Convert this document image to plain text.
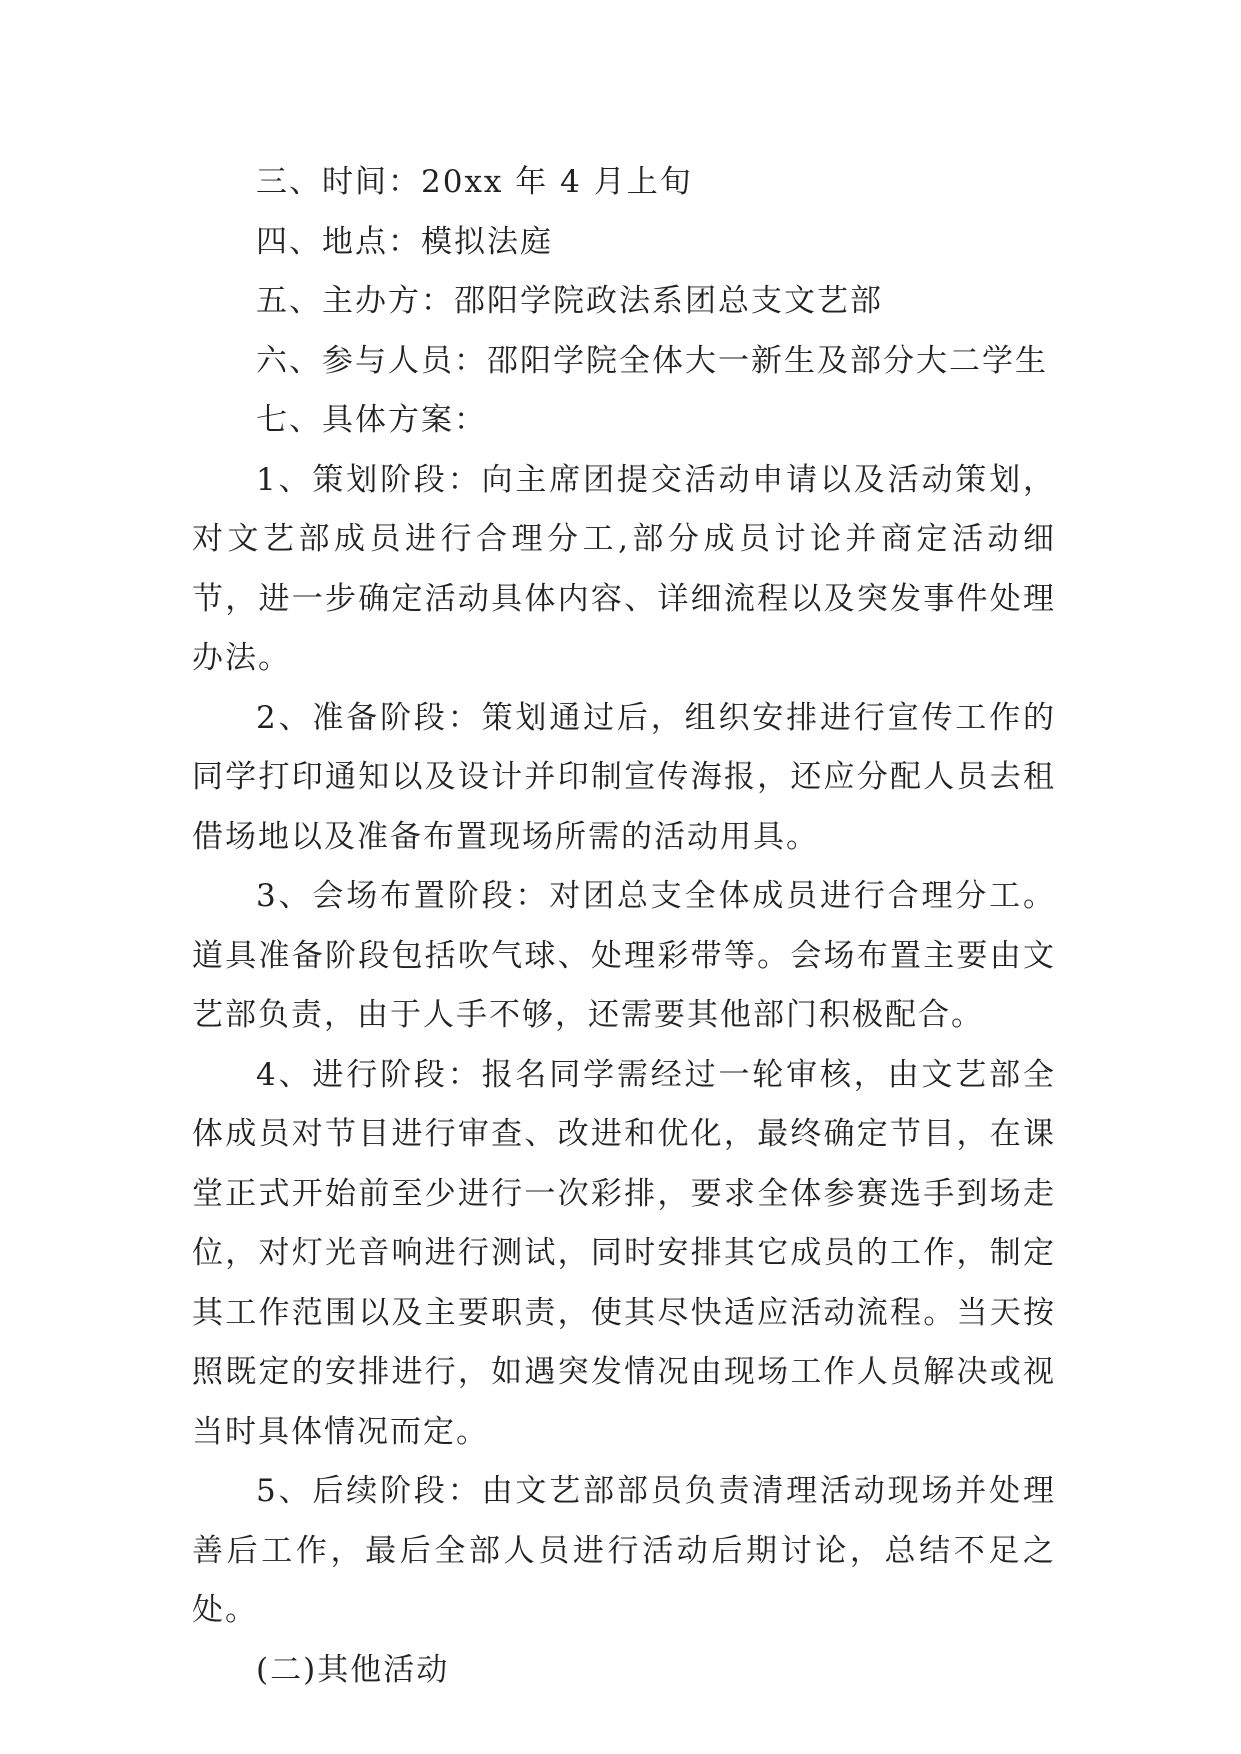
三、时间：20xx 年 4 月上旬

四、地点：模拟法庭

五、主办方：邵阳学院政法系团总支文艺部

六、参与人员：邵阳学院全体大一新生及部分大二学生

七、具体方案：

1、策划阶段：向主席团提交活动申请以及活动策划，对文艺部成员进行合理分工,部分成员讨论并商定活动细节，进一步确定活动具体内容、详细流程以及突发事件处理办法。

2、准备阶段：策划通过后，组织安排进行宣传工作的同学打印通知以及设计并印制宣传海报，还应分配人员去租借场地以及准备布置现场所需的活动用具。

3、会场布置阶段：对团总支全体成员进行合理分工。道具准备阶段包括吹气球、处理彩带等。会场布置主要由文艺部负责，由于人手不够，还需要其他部门积极配合。

4、进行阶段：报名同学需经过一轮审核，由文艺部全体成员对节目进行审查、改进和优化，最终确定节目，在课堂正式开始前至少进行一次彩排，要求全体参赛选手到场走位，对灯光音响进行测试，同时安排其它成员的工作，制定其工作范围以及主要职责，使其尽快适应活动流程。当天按照既定的安排进行，如遇突发情况由现场工作人员解决或视当时具体情况而定。

5、后续阶段：由文艺部部员负责清理活动现场并处理善后工作，最后全部人员进行活动后期讨论，总结不足之处。

(二)其他活动
